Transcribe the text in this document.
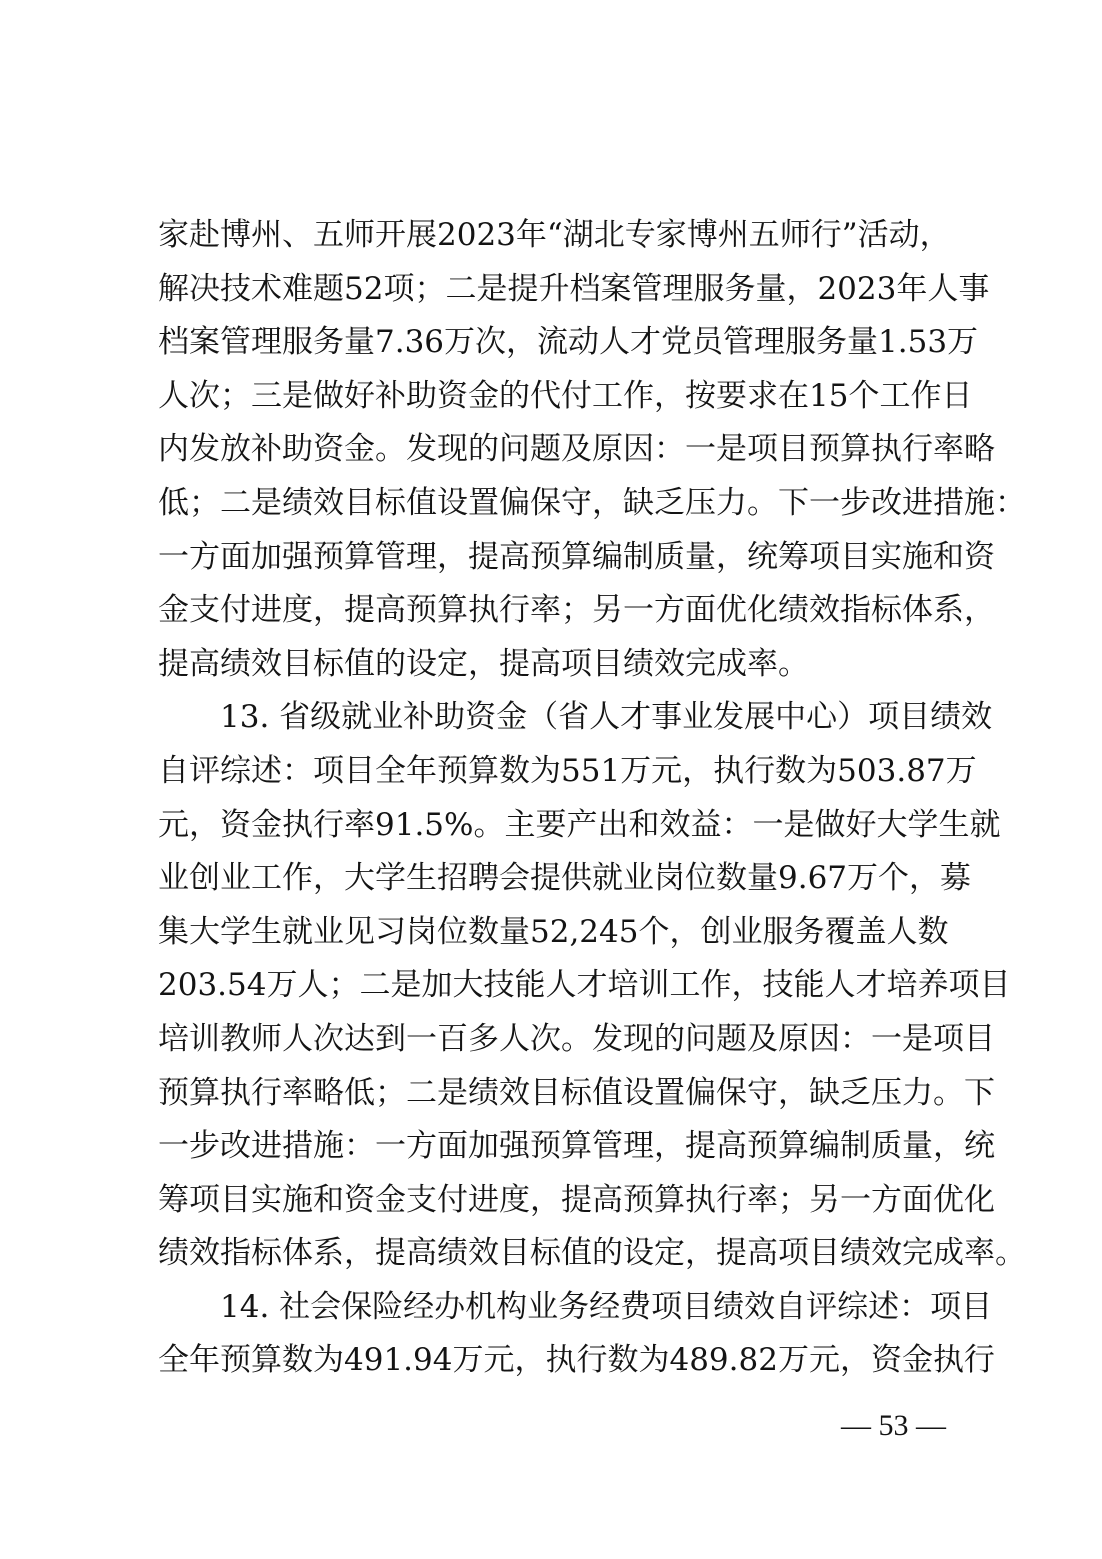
家赴博州、五师开展2023年“湖北专家博州五师行”活动，
解决技术难题52项；二是提升档案管理服务量，2023年人事
档案管理服务量7.36万次，流动人才党员管理服务量1.53万
人次；三是做好补助资金的代付工作，按要求在15个工作日
内发放补助资金。发现的问题及原因：一是项目预算执行率略
低；二是绩效目标值设置偏保守，缺乏压力。下一步改进措施：
一方面加强预算管理，提高预算编制质量，统筹项目实施和资
金支付进度，提高预算执行率；另一方面优化绩效指标体系，
提高绩效目标值的设定，提高项目绩效完成率。
13. 省级就业补助资金（省人才事业发展中心）项目绩效
自评综述：项目全年预算数为551万元，执行数为503.87万
元，资金执行率91.5%。主要产出和效益：一是做好大学生就
业创业工作，大学生招聘会提供就业岗位数量9.67万个，募
集大学生就业见习岗位数量52,245个，创业服务覆盖人数
203.54万人；二是加大技能人才培训工作，技能人才培养项目
培训教师人次达到一百多人次。发现的问题及原因：一是项目
预算执行率略低；二是绩效目标值设置偏保守，缺乏压力。下
一步改进措施：一方面加强预算管理，提高预算编制质量，统
筹项目实施和资金支付进度，提高预算执行率；另一方面优化
绩效指标体系，提高绩效目标值的设定，提高项目绩效完成率。
14. 社会保险经办机构业务经费项目绩效自评综述：项目
全年预算数为491.94万元，执行数为489.82万元，资金执行
— 53 —
